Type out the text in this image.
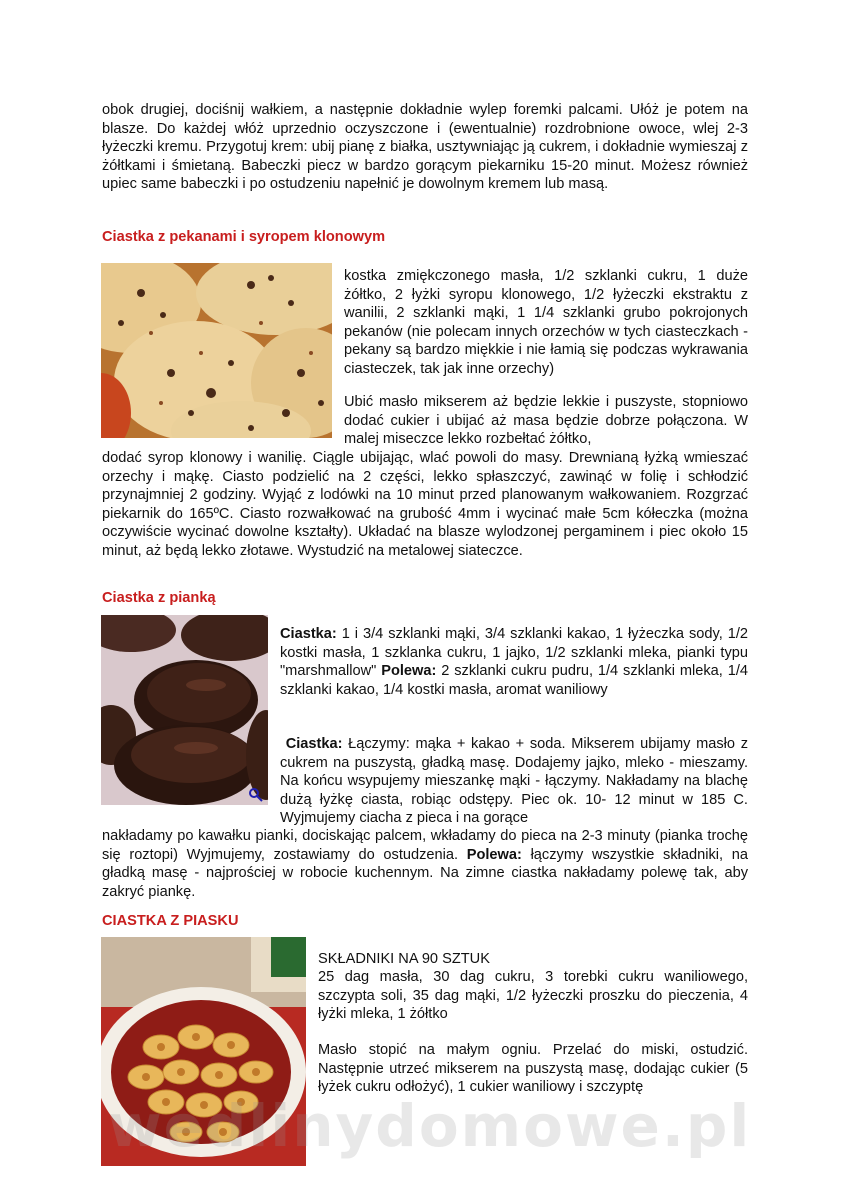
obok drugiej, dociśnij wałkiem, a następnie dokładnie wylep foremki palcami. Ułóż je potem na blasze. Do każdej włóż uprzednio oczyszczone i (ewentualnie) rozdrobnione owoce, wlej 2-3 łyżeczki kremu. Przygotuj krem: ubij pianę z białka, usztywniając ją cukrem, i dokładnie wymieszaj z żółtkami i śmietaną. Babeczki piecz w bardzo gorącym piekarniku 15-20 minut. Możesz również upiec same babeczki i po ostudzeniu napełnić je dowolnym kremem lub masą.

Ciastka z pekanami i syropem klonowym

kostka zmiękczonego masła, 1/2 szklanki cukru, 1 duże żółtko, 2 łyżki syropu klonowego, 1/2 łyżeczki ekstraktu z wanilii, 2 szklanki mąki, 1 1/4 szklanki grubo pokrojonych pekanów (nie polecam innych orzechów w tych ciasteczkach - pekany są bardzo miękkie i nie łamią się podczas wykrawania ciasteczek, tak jak inne orzechy)

Ubić masło mikserem aż będzie lekkie i puszyste, stopniowo dodać cukier i ubijać aż masa będzie dobrze połączona. W malej miseczce lekko rozbełtać żółtko,

dodać syrop klonowy i wanilię. Ciągle ubijając, wlać powoli do masy. Drewnianą łyżką wmieszać orzechy i mąkę. Ciasto podzielić na 2 części, lekko spłaszczyć, zawinąć w folię i schłodzić przynajmniej 2 godziny. Wyjąć z lodówki na 10 minut przed planowanym wałkowaniem. Rozgrzać piekarnik do 165ºC. Ciasto rozwałkować na grubość 4mm i wycinać małe 5cm kółeczka (można oczywiście wycinać dowolne kształty). Układać na blasze wylodzonej pergaminem i piec około 15 minut, aż będą lekko złotawe. Wystudzić na metalowej siateczce.

Ciastka z pianką

Ciastka: 1 i 3/4 szklanki mąki, 3/4 szklanki kakao, 1 łyżeczka sody, 1/2 kostki masła, 1 szklanka cukru, 1 jajko, 1/2 szklanki mleka, pianki typu "marshmallow" Polewa: 2 szklanki cukru pudru, 1/4 szklanki mleka, 1/4 szklanki kakao, 1/4 kostki masła, aromat waniliowy

Ciastka: Łączymy: mąka + kakao + soda. Mikserem ubijamy masło z cukrem na puszystą, gładką masę. Dodajemy jajko, mleko - mieszamy. Na końcu wsypujemy mieszankę mąki - łączymy. Nakładamy na blachę dużą łyżkę ciasta, robiąc odstępy. Piec ok. 10- 12 minut w 185 C. Wyjmujemy ciacha z pieca i na gorące

nakładamy po kawałku pianki, dociskając palcem, wkładamy do pieca na 2-3 minuty (pianka trochę się roztopi) Wyjmujemy, zostawiamy do ostudzenia. Polewa: łączymy wszystkie składniki, na gładką masę - najprościej w robocie kuchennym. Na zimne ciastka nakładamy polewę tak, aby zakryć piankę.

CIASTKA Z PIASKU

SKŁADNIKI NA 90 SZTUK

25 dag masła, 30 dag cukru, 3 torebki cukru waniliowego, szczypta soli, 35 dag mąki, 1/2 łyżeczki proszku do pieczenia, 4 łyżki mleka, 1 żółtko

Masło stopić na małym ogniu. Przelać do miski, ostudzić. Następnie utrzeć mikserem na puszystą masę, dodając cukier (5 łyżek cukru odłożyć), 1 cukier waniliowy i szczyptę

wedlinydomowe.pl
